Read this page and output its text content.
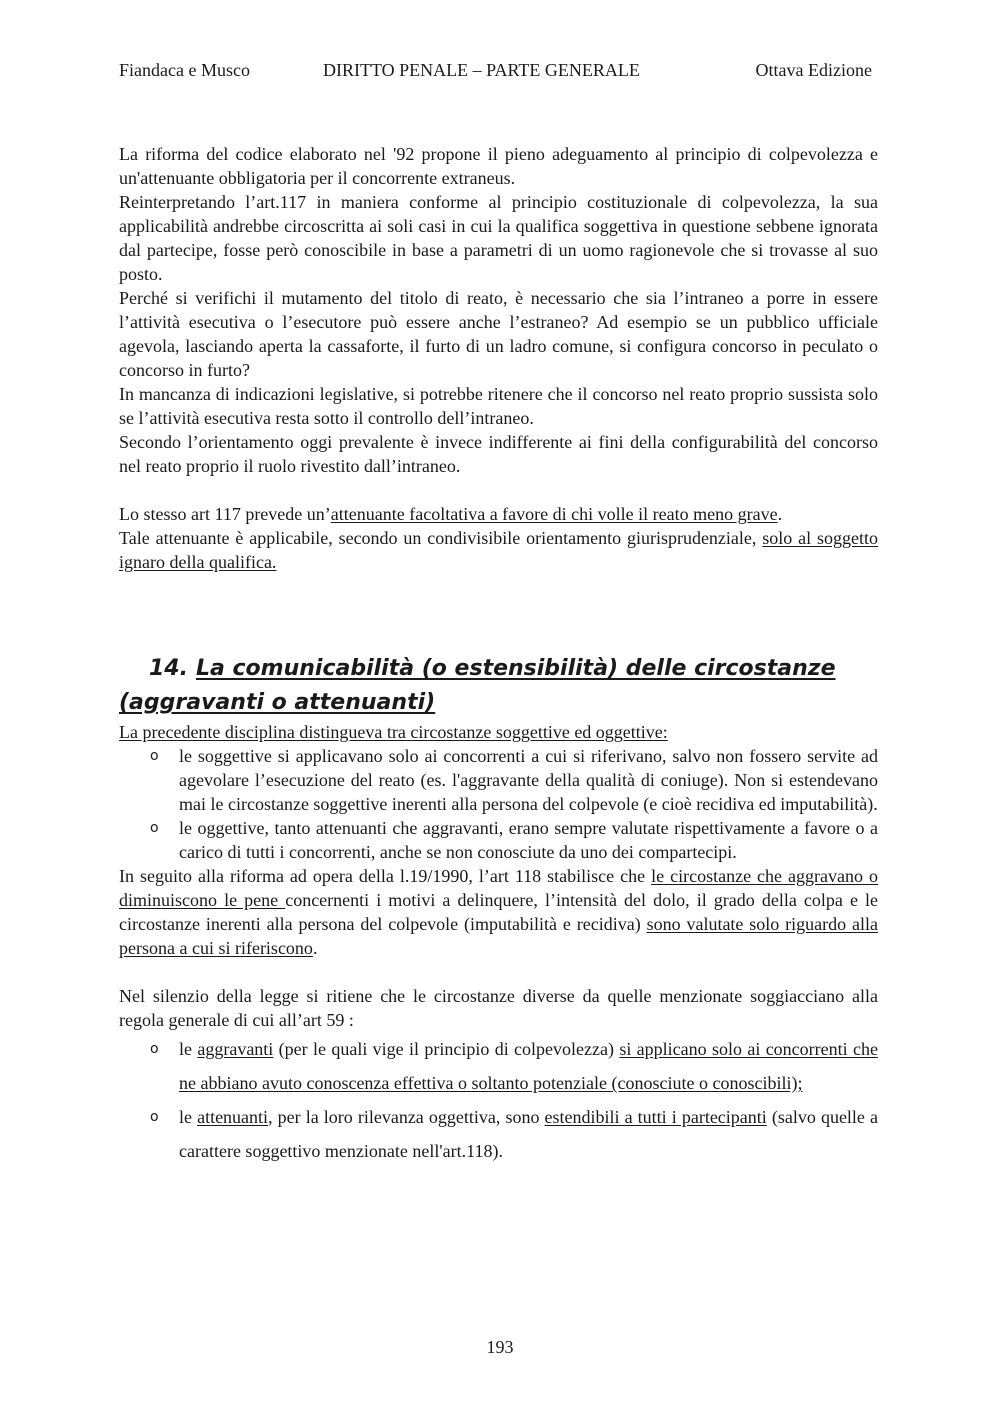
Fiandaca e Musco	DIRITTO PENALE – PARTE GENERALE	Ottava Edizione

La riforma del codice elaborato nel '92 propone il pieno adeguamento al principio di colpevolezza e un'attenuante obbligatoria per il concorrente extraneus.

Reinterpretando l’art.117 in maniera conforme al principio costituzionale di colpevolezza, la sua applicabilità andrebbe circoscritta ai soli casi in cui la qualifica soggettiva in questione sebbene ignorata dal partecipe, fosse però conoscibile in base a parametri di un uomo ragionevole che si trovasse al suo posto.

Perché si verifichi il mutamento del titolo di reato, è necessario che sia l’intraneo a porre in essere l’attività esecutiva o l’esecutore può essere anche l’estraneo? Ad esempio se un pubblico ufficiale agevola, lasciando aperta la cassaforte, il furto di un ladro comune, si configura concorso in peculato o concorso in furto?

In mancanza di indicazioni legislative, si potrebbe ritenere che il concorso nel reato proprio sussista solo se l’attività esecutiva resta sotto il controllo dell’intraneo.

Secondo l’orientamento oggi prevalente è invece indifferente ai fini della configurabilità del concorso nel reato proprio il ruolo rivestito dall’intraneo.

Lo stesso art 117 prevede un’attenuante facoltativa a favore di chi volle il reato meno grave.

Tale attenuante è applicabile, secondo un condivisibile orientamento giurisprudenziale, solo al soggetto ignaro della qualifica.

14. La comunicabilità (o estensibilità) delle circostanze (aggravanti o attenuanti)

La precedente disciplina distingueva tra circostanze soggettive ed oggettive:

o le soggettive si applicavano solo ai concorrenti a cui si riferivano, salvo non fossero servite ad agevolare l’esecuzione del reato (es. l'aggravante della qualità di coniuge). Non si estendevano mai le circostanze soggettive inerenti alla persona del colpevole (e cioè recidiva ed imputabilità).
o le oggettive, tanto attenuanti che aggravanti, erano sempre valutate rispettivamente a favore o a carico di tutti i concorrenti, anche se non conosciute da uno dei compartecipi.

In seguito alla riforma ad opera della l.19/1990, l’art 118 stabilisce che le circostanze che aggravano o diminuiscono le pene concernenti i motivi a delinquere, l’intensità del dolo, il grado della colpa e le circostanze inerenti alla persona del colpevole (imputabilità e recidiva) sono valutate solo riguardo alla persona a cui si riferiscono.

Nel silenzio della legge si ritiene che le circostanze diverse da quelle menzionate soggiacciano alla regola generale di cui all’art 59 :

o le aggravanti (per le quali vige il principio di colpevolezza) si applicano solo ai concorrenti che ne abbiano avuto conoscenza effettiva o soltanto potenziale (conosciute o conoscibili);
o le attenuanti, per la loro rilevanza oggettiva, sono estendibili a tutti i partecipanti (salvo quelle a carattere soggettivo menzionate nell'art.118).
193
